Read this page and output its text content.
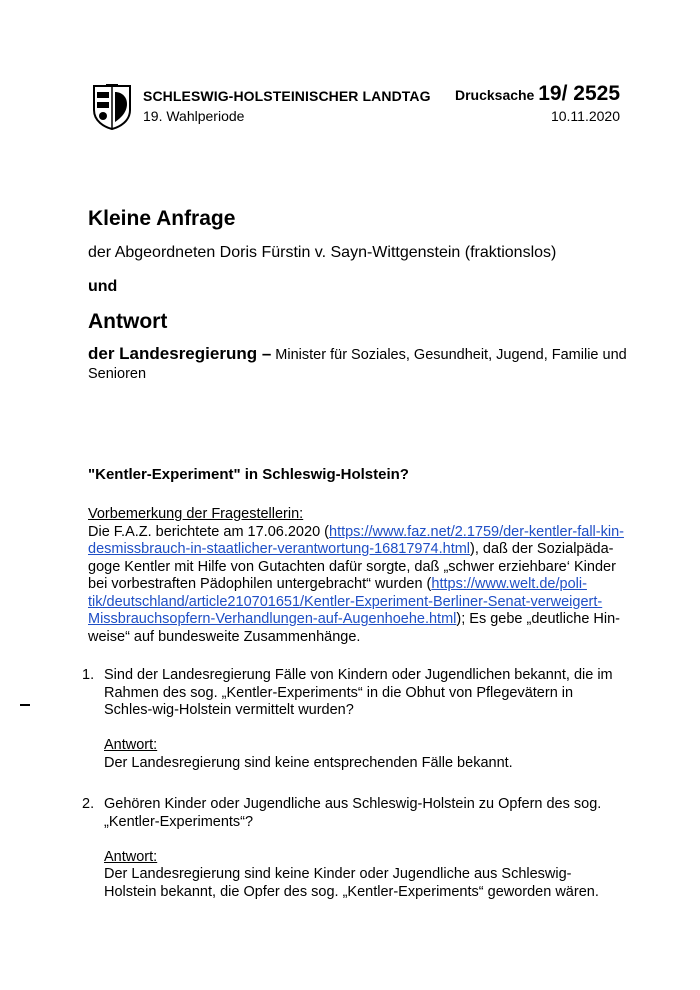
SCHLESWIG-HOLSTEINISCHER LANDTAG
19. Wahlperiode
Drucksache 19/ 2525
10.11.2020
Kleine Anfrage
der Abgeordneten Doris Fürstin v. Sayn-Wittgenstein (fraktionslos)
und
Antwort
der Landesregierung – Minister für Soziales, Gesundheit, Jugend, Familie und Senioren
"Kentler-Experiment" in Schleswig-Holstein?
Vorbemerkung der Fragestellerin:
Die F.A.Z. berichtete am 17.06.2020 (https://www.faz.net/2.1759/der-kentler-fall-kin-desmissbrauch-in-staatlicher-verantwortung-16817974.html), daß der Sozialpäda-goge Kentler mit Hilfe von Gutachten dafür sorgte, daß „schwer erziehbare‘ Kinder bei vorbestraften Pädophilen untergebracht“ wurden (https://www.welt.de/poli-tik/deutschland/article210701651/Kentler-Experiment-Berliner-Senat-verweigert-Missbrauchsopfern-Verhandlungen-auf-Augenhoehe.html); Es gebe „deutliche Hin-weise“ auf bundesweite Zusammenhänge.
1. Sind der Landesregierung Fälle von Kindern oder Jugendlichen bekannt, die im Rahmen des sog. „Kentler-Experiments“ in die Obhut von Pflegevätern in Schles-wig-Holstein vermittelt wurden?
Antwort:
Der Landesregierung sind keine entsprechenden Fälle bekannt.
2. Gehören Kinder oder Jugendliche aus Schleswig-Holstein zu Opfern des sog. „Kentler-Experiments“?
Antwort:
Der Landesregierung sind keine Kinder oder Jugendliche aus Schleswig-Holstein bekannt, die Opfer des sog. „Kentler-Experiments“ geworden wären.
